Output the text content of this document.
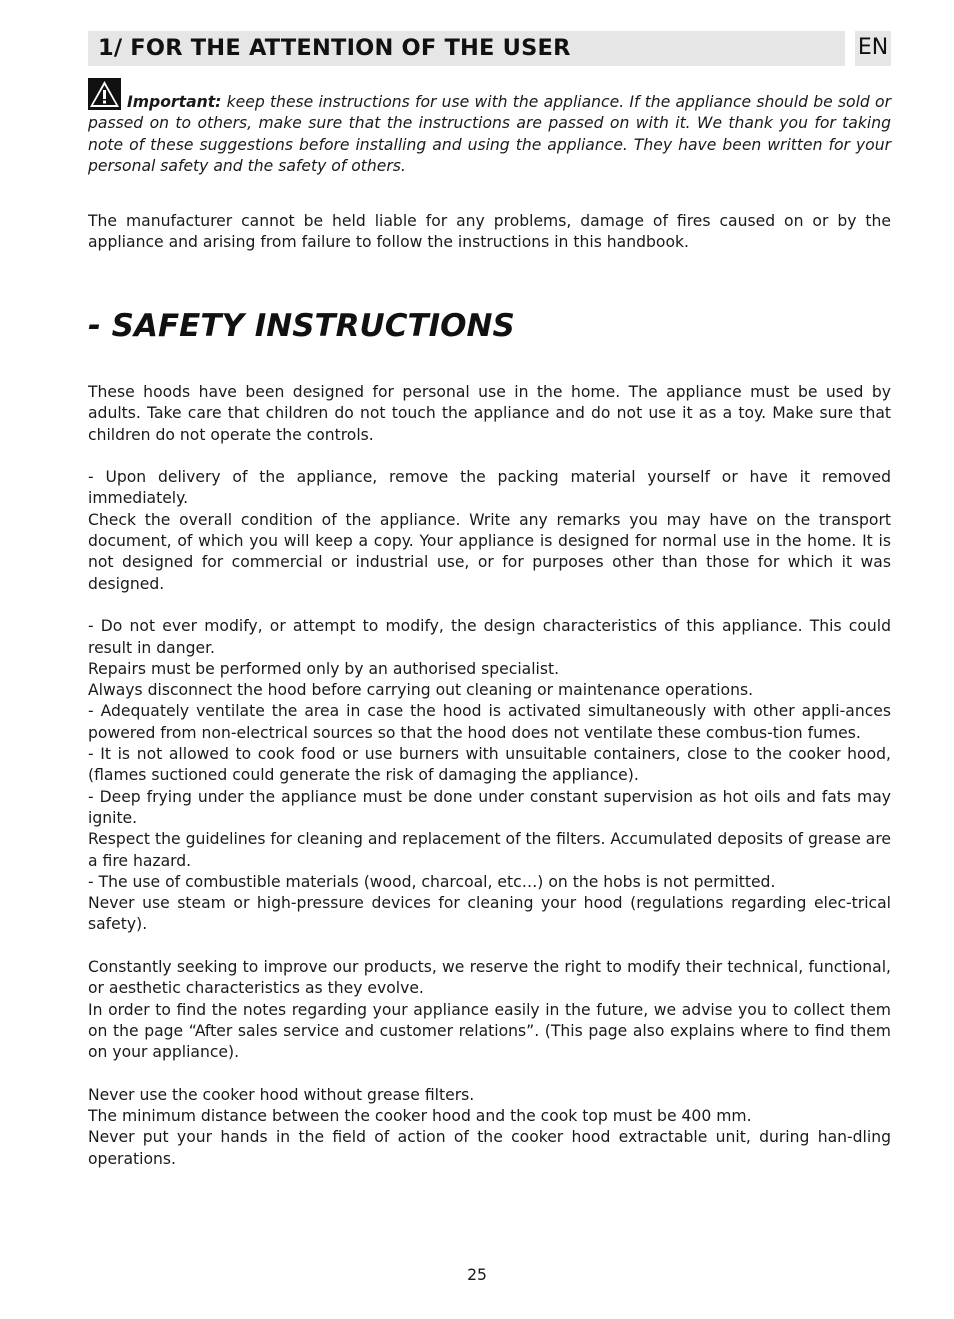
1/ FOR THE ATTENTION OF THE USER	EN
Important: keep these instructions for use with the appliance. If the appliance should be sold or passed on to others, make sure that the instructions are passed on with it. We thank you for taking note of these suggestions before installing and using the appliance. They have been written for your personal safety and the safety of others.
The manufacturer cannot be held liable for any problems, damage of fires caused on or by the appliance and arising from failure to follow the instructions in this handbook.
- SAFETY INSTRUCTIONS

These hoods have been designed for personal use in the home. The appliance must be used by adults. Take care that children do not touch the appliance and do not use it as a toy. Make sure that children do not operate the controls.

- Upon delivery of the appliance, remove the packing material yourself or have it removed immediately.

Check the overall condition of the appliance. Write any remarks you may have on the transport document, of which you will keep a copy. Your appliance is designed for normal use in the home. It is not designed for commercial or industrial use, or for purposes other than those for which it was designed.

- Do not ever modify, or attempt to modify, the design characteristics of this appliance. This could result in danger.

Repairs must be performed only by an authorised specialist.

Always disconnect the hood before carrying out cleaning or maintenance operations.

- Adequately ventilate the area in case the hood is activated simultaneously with other appli-ances powered from non-electrical sources so that the hood does not ventilate these combus-tion fumes.

- It is not allowed to cook food or use burners with unsuitable containers, close to the cooker hood, (flames suctioned could generate the risk of damaging the appliance).

- Deep frying under the appliance must be done under constant supervision as hot oils and fats may ignite.

Respect the guidelines for cleaning and replacement of the filters. Accumulated deposits of grease are a fire hazard.

- The use of combustible materials (wood, charcoal, etc…) on the hobs is not permitted.

Never use steam or high-pressure devices for cleaning your hood (regulations regarding elec-trical safety).

Constantly seeking to improve our products, we reserve the right to modify their technical, functional, or aesthetic characteristics as they evolve.

In order to find the notes regarding your appliance easily in the future, we advise you to collect them on the page “After sales service and customer relations”. (This page also explains where to find them on your appliance).

Never use the cooker hood without grease filters.

The minimum distance between the cooker hood and the cook top must be 400 mm.

Never put your hands in the field of action of the cooker hood extractable unit, during han-dling operations.

25
